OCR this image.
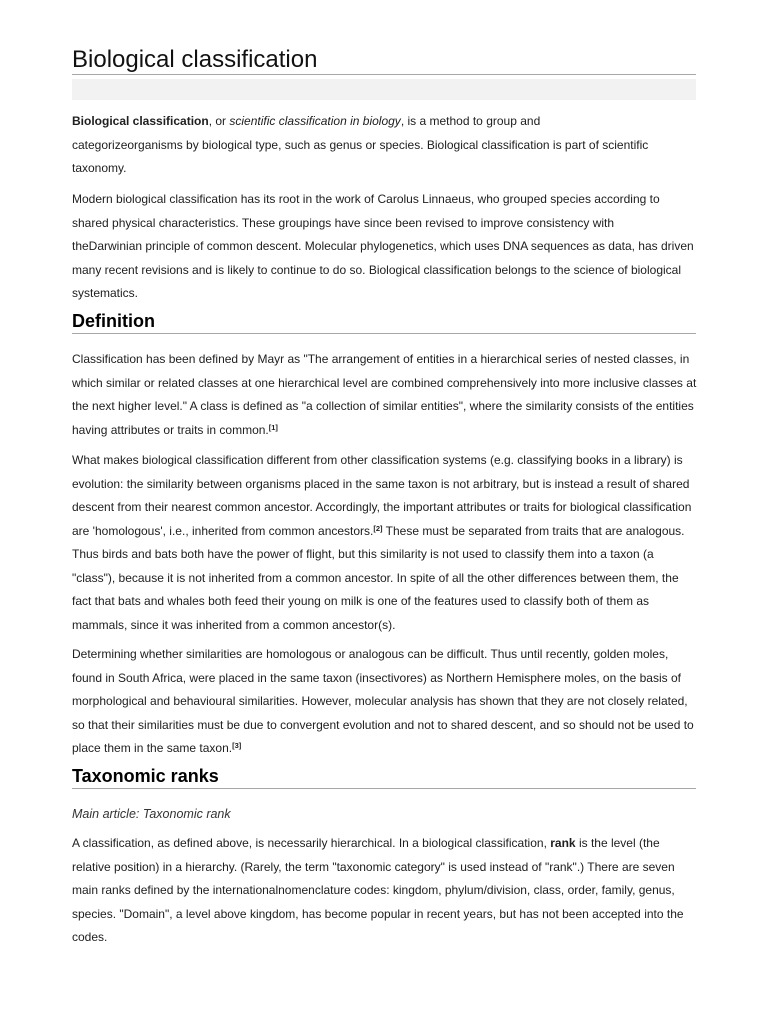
Biological classification
Biological classification, or scientific classification in biology, is a method to group and
categorizeorganisms by biological type, such as genus or species. Biological classification is part of scientific
taxonomy.
Modern biological classification has its root in the work of Carolus Linnaeus, who grouped species according to
shared physical characteristics. These groupings have since been revised to improve consistency with
theDarwinian principle of common descent. Molecular phylogenetics, which uses DNA sequences as data, has driven
many recent revisions and is likely to continue to do so. Biological classification belongs to the science of biological
systematics.
Definition
Classification has been defined by Mayr as "The arrangement of entities in a hierarchical series of nested classes, in
which similar or related classes at one hierarchical level are combined comprehensively into more inclusive classes at
the next higher level." A class is defined as "a collection of similar entities", where the similarity consists of the entities
having attributes or traits in common.[1]
What makes biological classification different from other classification systems (e.g. classifying books in a library) is
evolution: the similarity between organisms placed in the same taxon is not arbitrary, but is instead a result of shared
descent from their nearest common ancestor. Accordingly, the important attributes or traits for biological classification
are 'homologous', i.e., inherited from common ancestors.[2] These must be separated from traits that are analogous.
Thus birds and bats both have the power of flight, but this similarity is not used to classify them into a taxon (a
"class"), because it is not inherited from a common ancestor. In spite of all the other differences between them, the
fact that bats and whales both feed their young on milk is one of the features used to classify both of them as
mammals, since it was inherited from a common ancestor(s).
Determining whether similarities are homologous or analogous can be difficult. Thus until recently, golden moles,
found in South Africa, were placed in the same taxon (insectivores) as Northern Hemisphere moles, on the basis of
morphological and behavioural similarities. However, molecular analysis has shown that they are not closely related,
so that their similarities must be due to convergent evolution and not to shared descent, and so should not be used to
place them in the same taxon.[3]
Taxonomic ranks
Main article: Taxonomic rank
A classification, as defined above, is necessarily hierarchical. In a biological classification, rank is the level (the
relative position) in a hierarchy. (Rarely, the term "taxonomic category" is used instead of "rank".) There are seven
main ranks defined by the internationalnomenclature codes: kingdom, phylum/division, class, order, family, genus,
species. "Domain", a level above kingdom, has become popular in recent years, but has not been accepted into the
codes.
